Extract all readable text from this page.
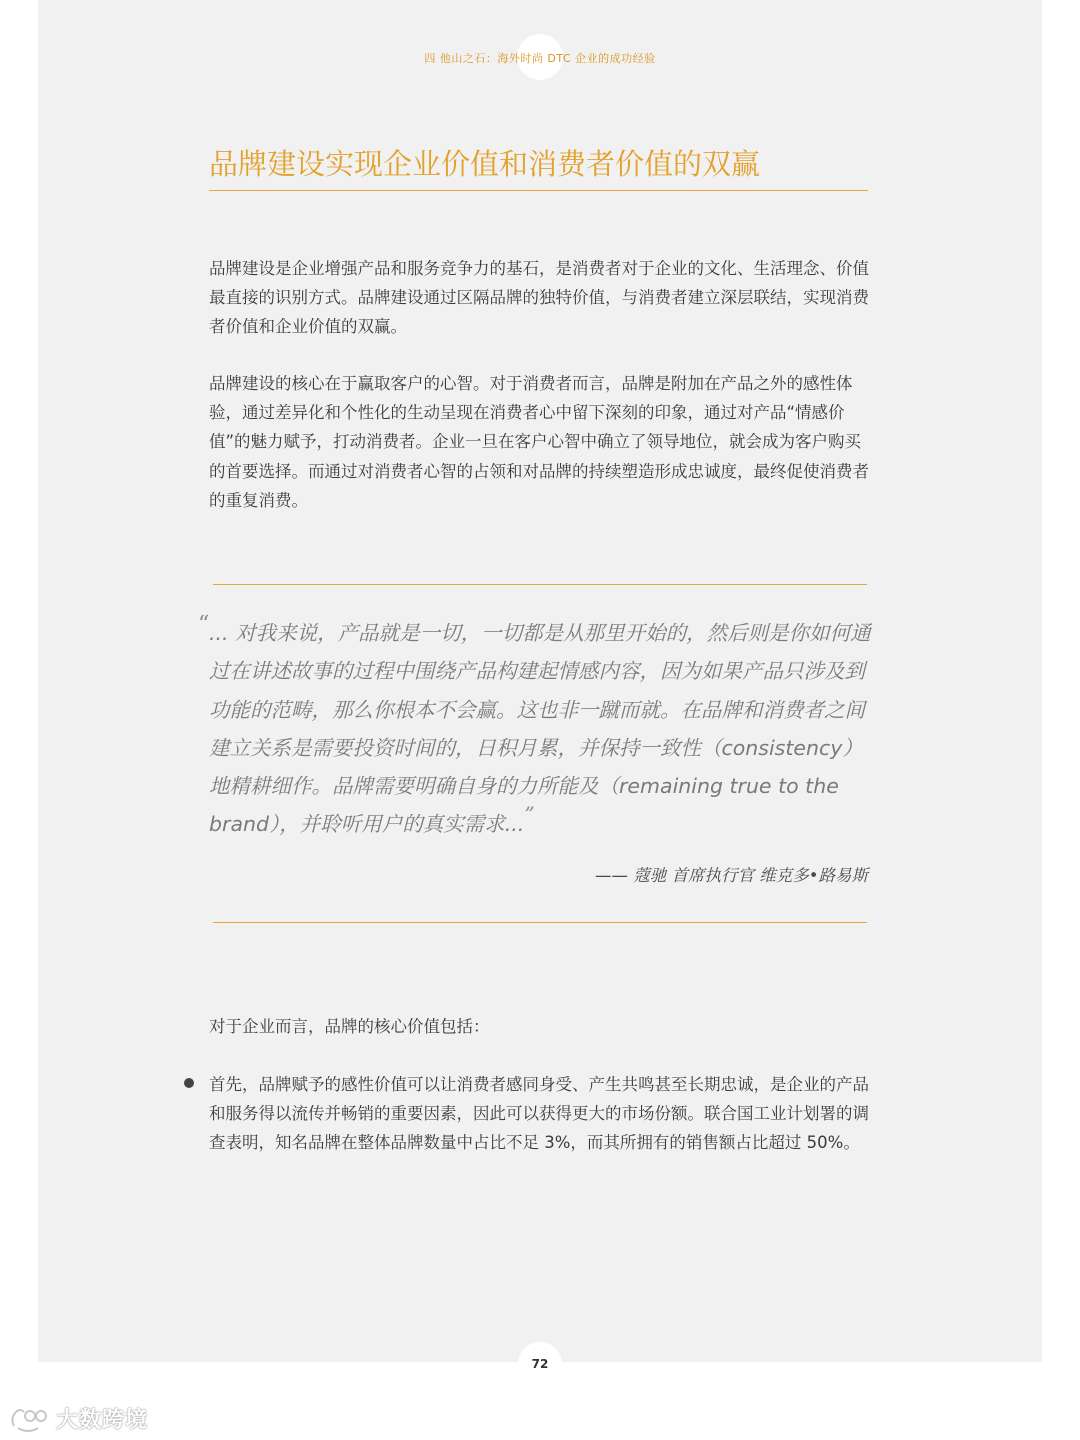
四 他山之石：海外时尚 DTC 企业的成功经验
品牌建设实现企业价值和消费者价值的双赢

品牌建设是企业增强产品和服务竞争力的基石，是消费者对于企业的文化、生活理念、价值最直接的识别方式。品牌建设通过区隔品牌的独特价值，与消费者建立深层联结，实现消费者价值和企业价值的双赢。

品牌建设的核心在于赢取客户的心智。对于消费者而言，品牌是附加在产品之外的感性体验，通过差异化和个性化的生动呈现在消费者心中留下深刻的印象，通过对产品“情感价值”的魅力赋予，打动消费者。企业一旦在客户心智中确立了领导地位，就会成为客户购买的首要选择。而通过对消费者心智的占领和对品牌的持续塑造形成忠诚度，最终促使消费者的重复消费。

“ ... 对我来说，产品就是一切，一切都是从那里开始的，然后则是你如何通过在讲述故事的过程中围绕产品构建起情感内容，因为如果产品只涉及到功能的范畴，那么你根本不会赢。这也非一蹴而就。在品牌和消费者之间建立关系是需要投资时间的，日积月累，并保持一致性（consistency）地精耕细作。品牌需要明确自身的力所能及（remaining true to the brand），并聆听用户的真实需求...”

—— 蔻驰 首席执行官 维克多•路易斯

对于企业而言，品牌的核心价值包括：

首先，品牌赋予的感性价值可以让消费者感同身受、产生共鸣甚至长期忠诚，是企业的产品和服务得以流传并畅销的重要因素，因此可以获得更大的市场份额。联合国工业计划署的调查表明，知名品牌在整体品牌数量中占比不足 3%，而其所拥有的销售额占比超过 50%。

72
大数跨境
